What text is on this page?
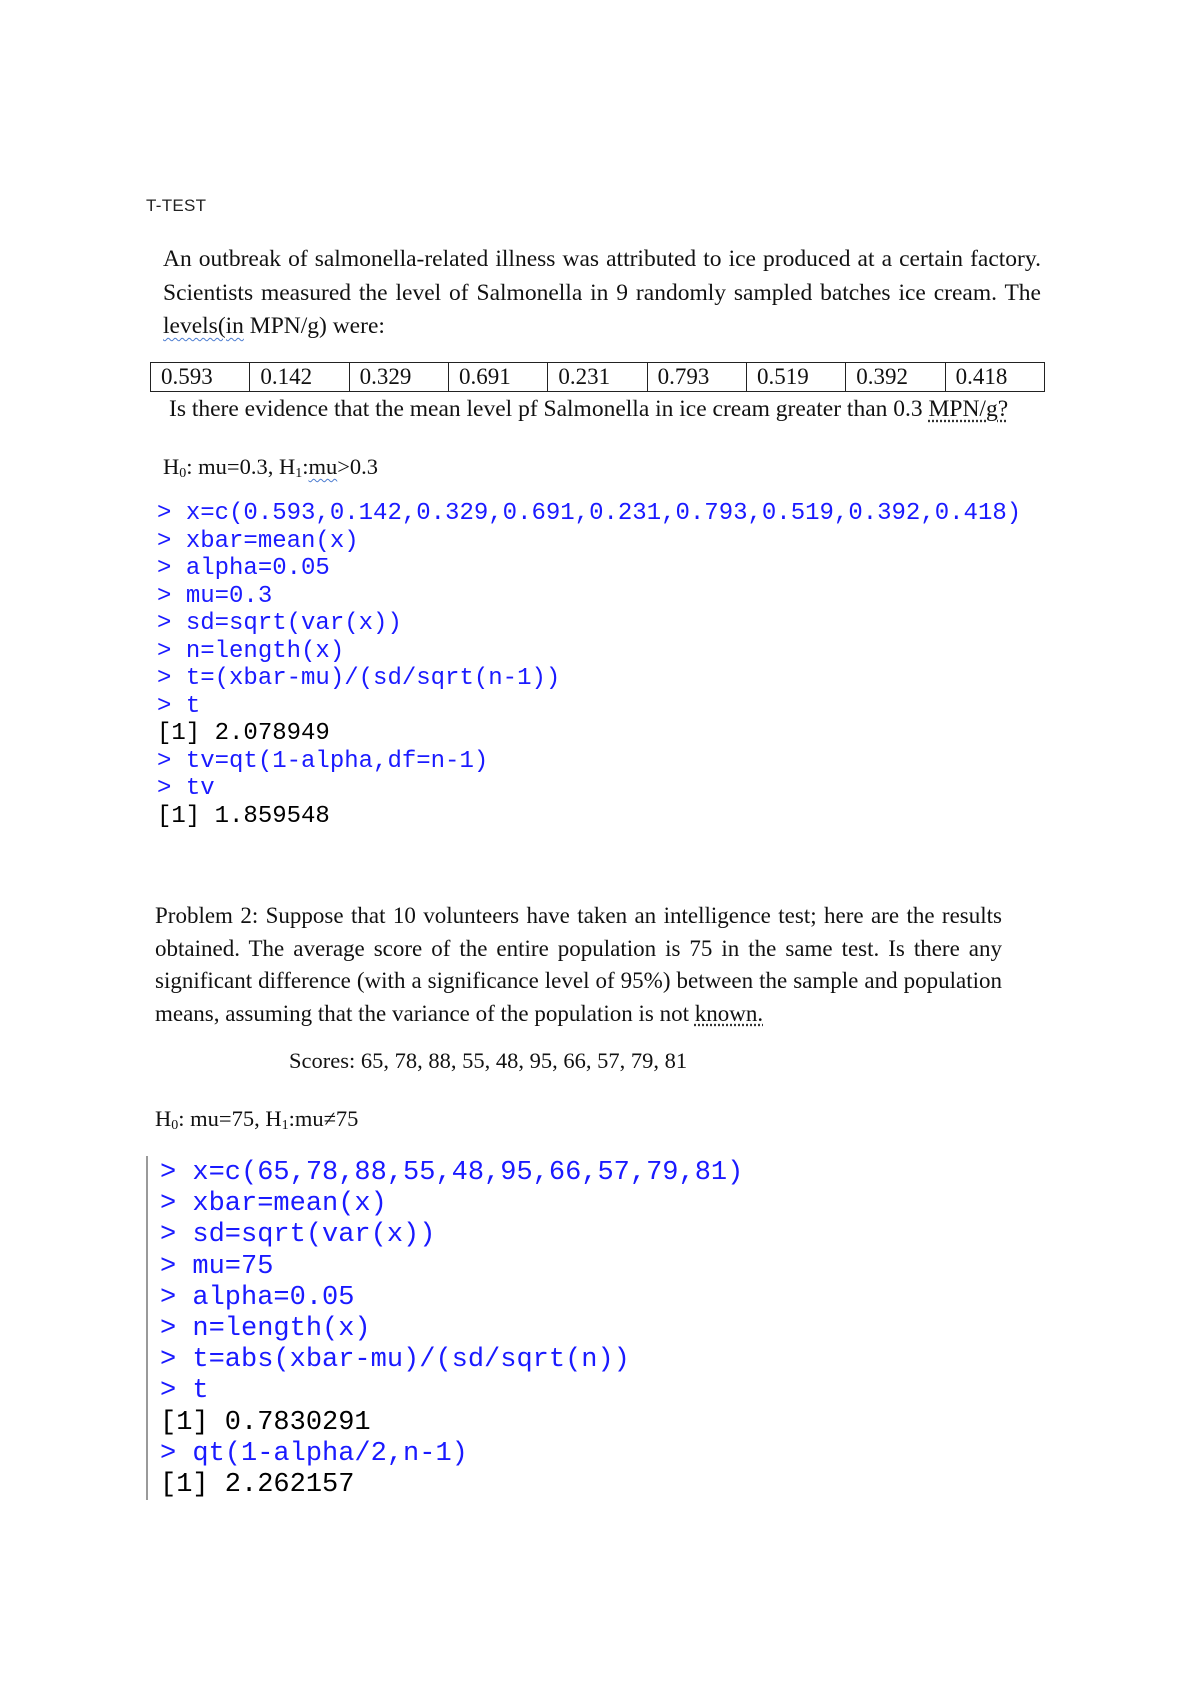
T-TEST
An outbreak of salmonella-related illness was attributed to ice produced at a certain factory. Scientists measured the level of Salmonella in 9 randomly sampled batches ice cream. The levels(in MPN/g) were:
0.593	0.142	0.329	0.691	0.231	0.793	0.519	0.392	0.418
Is there evidence that the mean level pf Salmonella in ice cream greater than 0.3 MPN/g?
$H_0$: mu=0.3, $H_1:mu>0.3$
> x=c(0.593,0.142,0.329,0.691,0.231,0.793,0.519,0.392,0.418)
> xbar=mean(x)
> alpha=0.05
> mu=0.3
> sd=sqrt(var(x))
> n=length(x)
> t=(xbar-mu)/(sd/sqrt(n-1))
> t
[1] 2.078949
> tv=qt(1-alpha,df=n-1)
> tv
[1] 1.859548
Problem 2: Suppose that 10 volunteers have taken an intelligence test; here are the results obtained. The average score of the entire population is 75 in the same test. Is there any significant difference (with a significance level of 95%) between the sample and population means, assuming that the variance of the population is not known.
Scores: 65, 78, 88, 55, 48, 95, 66, 57, 79, 81
$H_0$: mu=75, $H_1:mu\ne 75$
> x=c(65,78,88,55,48,95,66,57,79,81)
> xbar=mean(x)
> sd=sqrt(var(x))
> mu=75
> alpha=0.05
> n=length(x)
> t=abs(xbar-mu)/(sd/sqrt(n))
> t
[1] 0.7830291
> qt(1-alpha/2,n-1)
[1] 2.262157
